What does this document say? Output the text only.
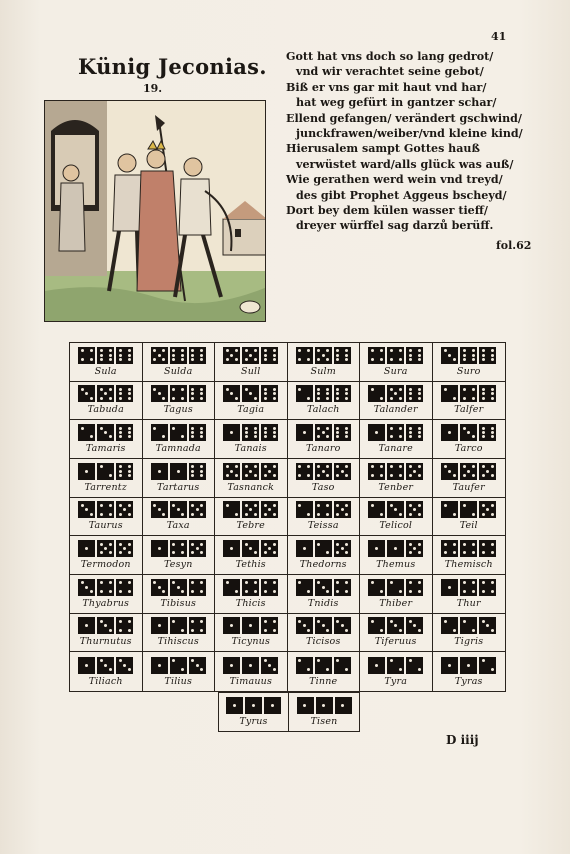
41
Künig Jeconias.
19.
Gott hat vns doch so lang gedrot/
vnd wir verachtet seine gebot/
Biß er vns gar mit haut vnd har/
hat weg gefürt in gantzer schar/
Ellend gefangen/ verändert gschwind/
junckfrawen/weiber/vnd kleine kind/
Hierusalem sampt Gottes hauß
verwüstet ward/alls glück was auß/
Wie gerathen werd wein vnd treyd/
des gibt Prophet Aggeus bscheyd/
Dort bey dem külen wasser tieff/
dreyer würffel sag darzů berüff.
fol.62
Sula	Sulda	Sull	Sulm	Sura	Suro
Tabuda	Tagus	Tagia	Talach	Talander	Talfer
Tamaris	Tamnada	Tanais	Tanaro	Tanare	Tarco
Tarrentz	Tartarus	Tasnanck	Taso	Tenber	Taufer
Taurus	Taxa	Tebre	Teissa	Telicol	Teil
Termodon	Tesyn	Tethis	Thedorns	Themus	Themisch
Thyabrus	Tibisus	Thicis	Tnidis	Thiber	Thur
Thurnutus	Tihiscus	Ticynus	Ticisos	Tiferuus	Tigris
Tiliach	Tilius	Timauus	Tinne	Tyra	Tyras
Tyrus	Tisen
D iiij
